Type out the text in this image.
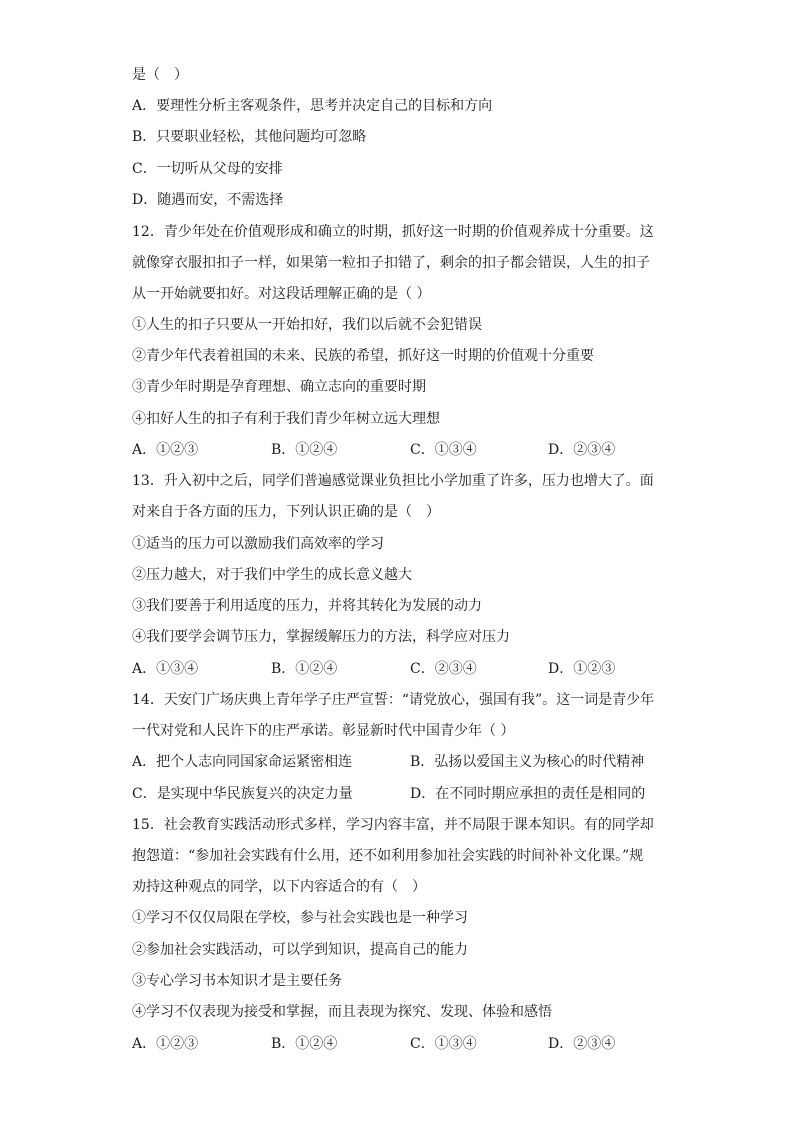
是（　）
A．要理性分析主客观条件，思考并决定自己的目标和方向
B．只要职业轻松，其他问题均可忽略
C．一切听从父母的安排
D．随遇而安，不需选择
12．青少年处在价值观形成和确立的时期，抓好这一时期的价值观养成十分重要。这
就像穿衣服扣扣子一样，如果第一粒扣子扣错了，剩余的扣子都会错误，人生的扣子
从一开始就要扣好。对这段话理解正确的是（ ）
①人生的扣子只要从一开始扣好，我们以后就不会犯错误
②青少年代表着祖国的未来、民族的希望，抓好这一时期的价值观十分重要
③青少年时期是孕育理想、确立志向的重要时期
④扣好人生的扣子有利于我们青少年树立远大理想
A．①②③	B．①②④	C．①③④	D．②③④
13．升入初中之后，同学们普遍感觉课业负担比小学加重了许多，压力也增大了。面
对来自于各方面的压力，下列认识正确的是（　）
①适当的压力可以激励我们高效率的学习
②压力越大，对于我们中学生的成长意义越大
③我们要善于利用适度的压力，并将其转化为发展的动力
④我们要学会调节压力，掌握缓解压力的方法，科学应对压力
A．①③④	B．①②④	C．②③④	D．①②③
14．天安门广场庆典上青年学子庄严宣誓：“请党放心，强国有我”。这一词是青少年
一代对党和人民许下的庄严承诺。彰显新时代中国青少年（ ）
A．把个人志向同国家命运紧密相连	B．弘扬以爱国主义为核心的时代精神
C．是实现中华民族复兴的决定力量	D．在不同时期应承担的责任是相同的
15．社会教育实践活动形式多样，学习内容丰富，并不局限于课本知识。有的同学却
抱怨道：“参加社会实践有什么用，还不如利用参加社会实践的时间补补文化课。”规
劝持这种观点的同学，以下内容适合的有（　）
①学习不仅仅局限在学校，参与社会实践也是一种学习
②参加社会实践活动，可以学到知识，提高自己的能力
③专心学习书本知识才是主要任务
④学习不仅表现为接受和掌握，而且表现为探究、发现、体验和感悟
A．①②③	B．①②④	C．①③④	D．②③④
